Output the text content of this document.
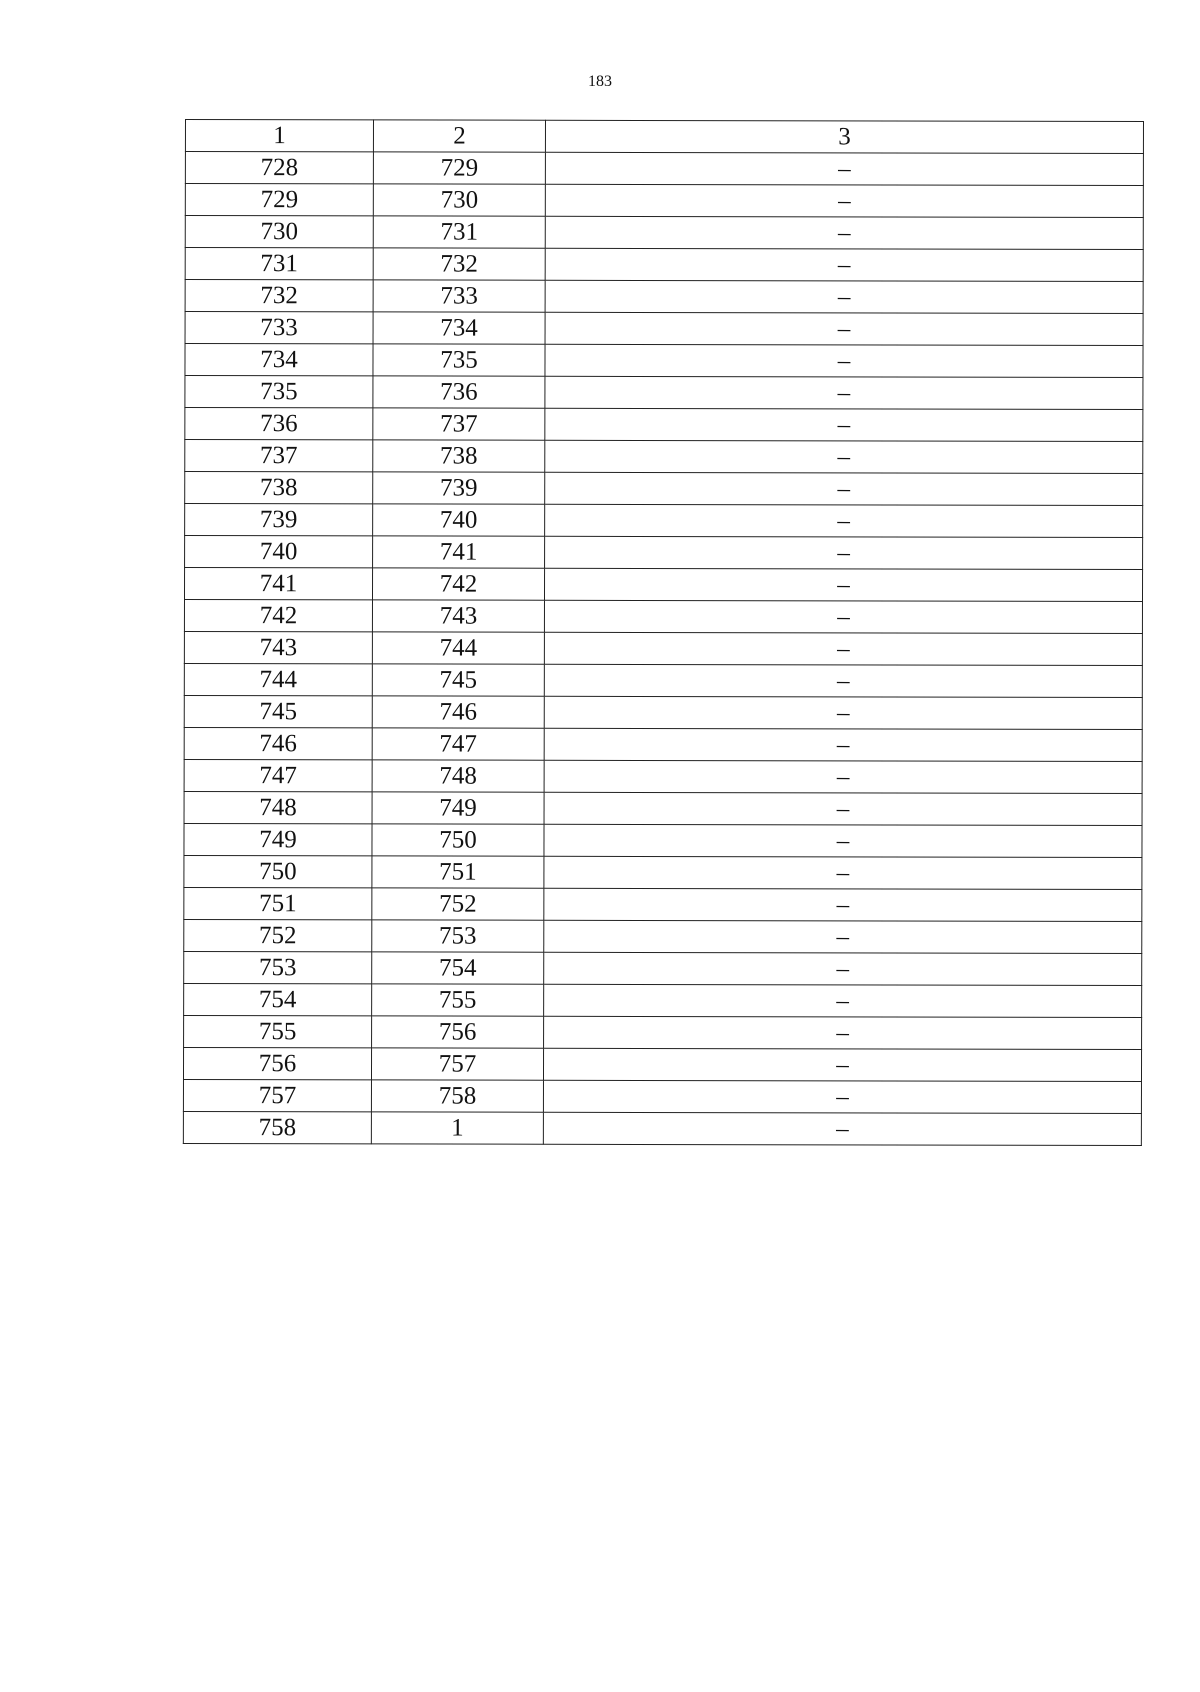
183
1	2	3
728	729	–
729	730	–
730	731	–
731	732	–
732	733	–
733	734	–
734	735	–
735	736	–
736	737	–
737	738	–
738	739	–
739	740	–
740	741	–
741	742	–
742	743	–
743	744	–
744	745	–
745	746	–
746	747	–
747	748	–
748	749	–
749	750	–
750	751	–
751	752	–
752	753	–
753	754	–
754	755	–
755	756	–
756	757	–
757	758	–
758	1	–
